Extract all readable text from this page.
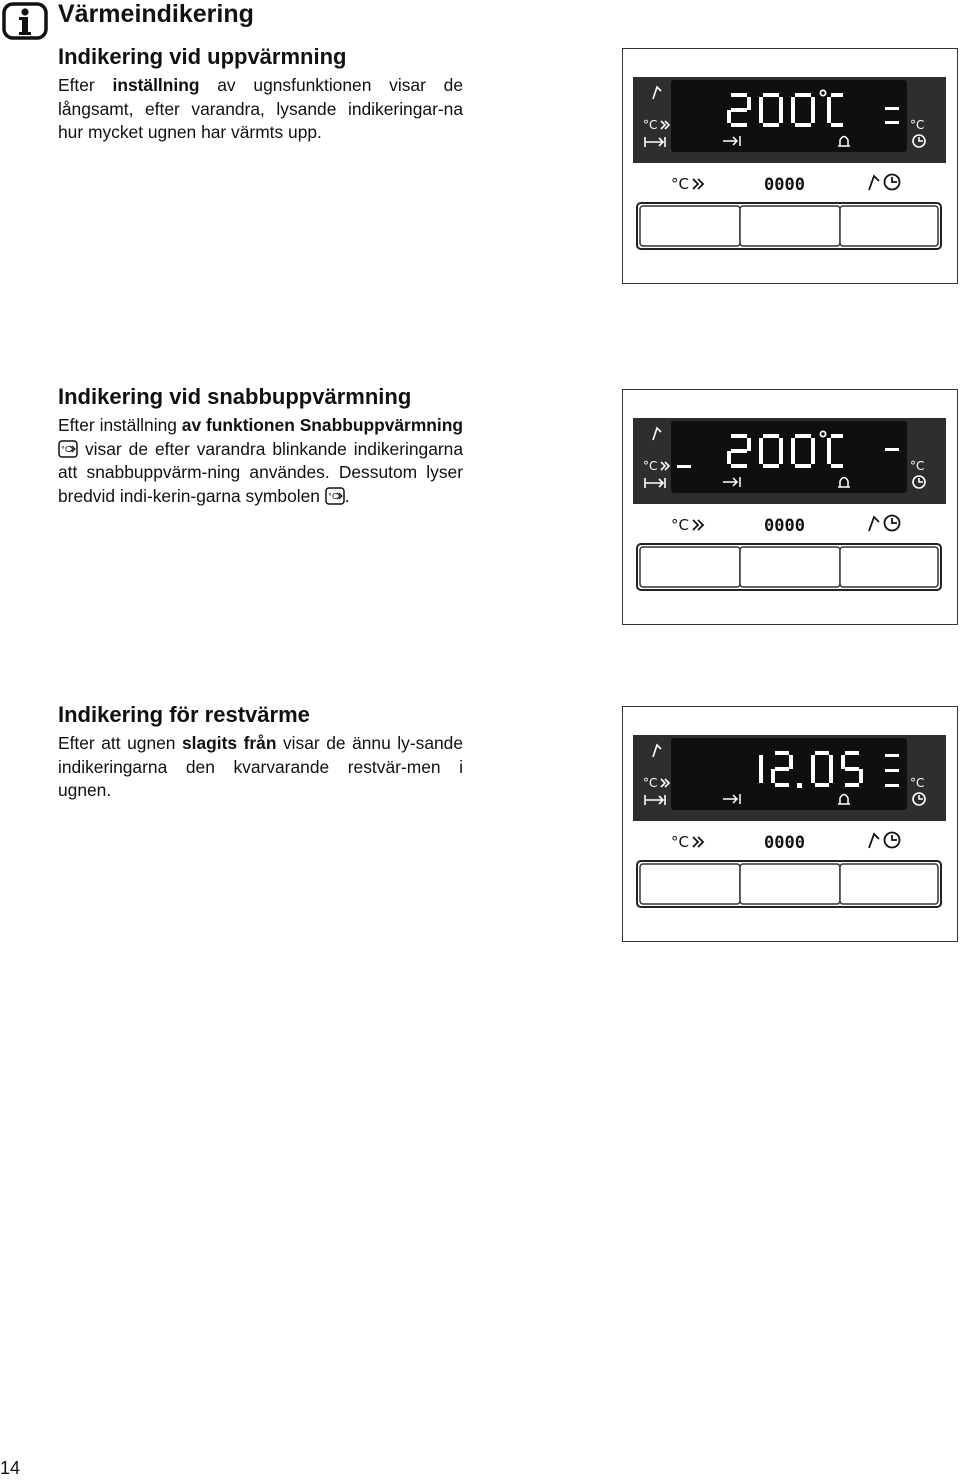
Värmeindikering
Indikering vid uppvärmning

Efter inställning av ugnsfunktionen visar de långsamt, efter varandra, lysande indikeringar-na hur mycket ugnen har värmts upp.

Indikering vid snabbuppvärmning

Efter inställning av funktionen Snabbuppvärmning
°C visar de efter varandra blinkande indikeringarna att snabbuppvärm-ning användes. Dessutom lyser bredvid indi-kerin-garna symbolen °C .

Indikering för restvärme

Efter att ugnen slagits från visar de ännu ly-sande indikeringarna den kvarvarande restvär-men i ugnen.

°C	°C
°C	0000
°C	°C
°C	0000
°C	°C
°C	0000
14
